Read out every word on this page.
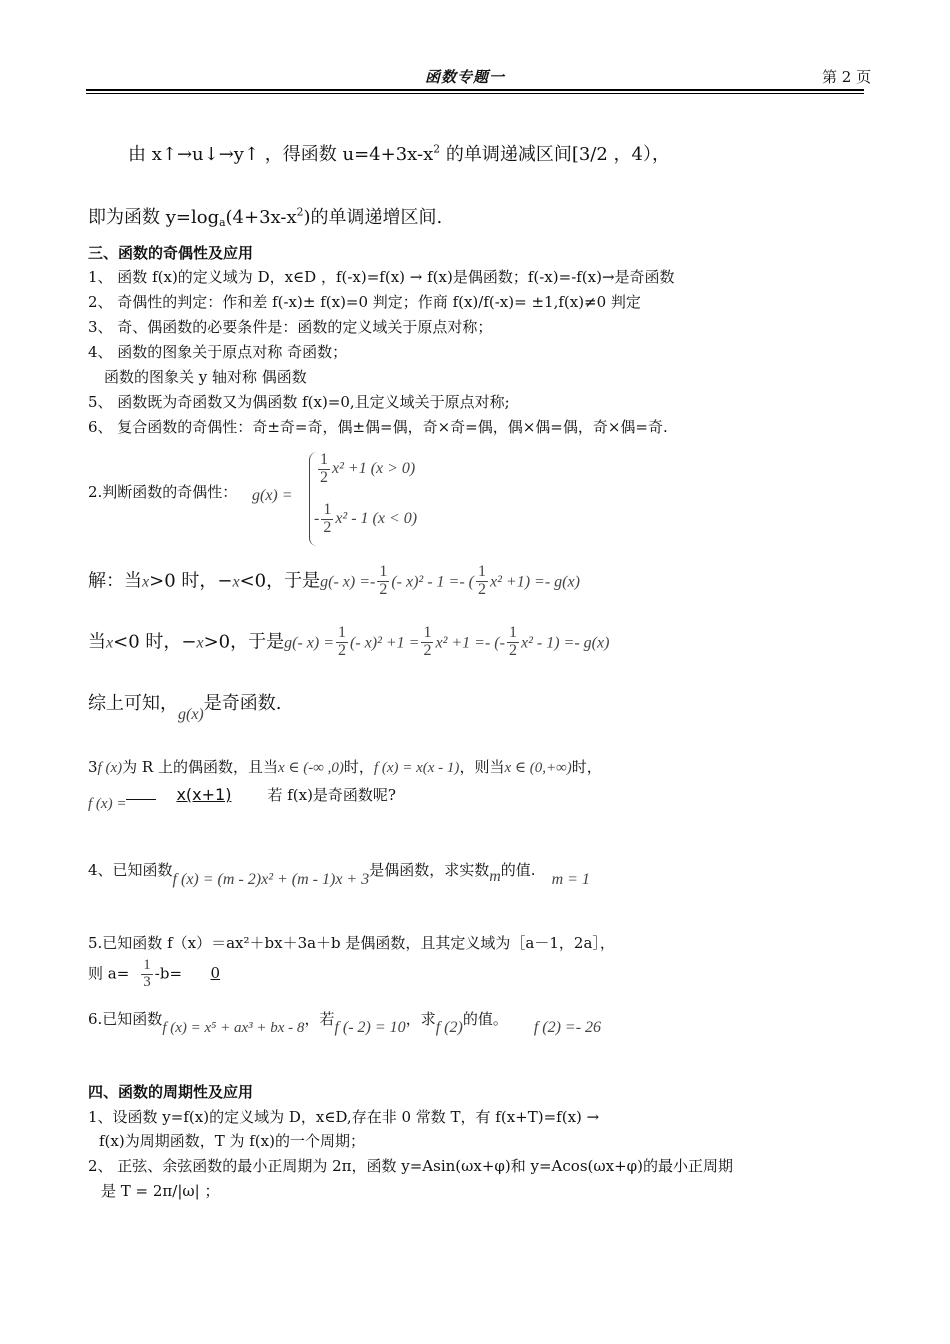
函数专题一	第 2 页
由 x↑→u↓→y↑ ，得函数 $u=4+3x-x^2$ 的单调递减区间[3/2 ，4），
即为函数 $y=\log_a(4+3x-x^2)$的单调递增区间.
三、函数的奇偶性及应用
1、 函数 f(x)的定义域为 D，x∈D ，f(-x)=f(x) → f(x)是偶函数；f(-x)=-f(x)→是奇函数
2、 奇偶性的判定：作和差 f(-x)± f(x)=0 判定；作商 f(x)/f(-x)= ±1,f(x)≠0 判定
3、 奇、偶函数的必要条件是：函数的定义域关于原点对称；
4、 函数的图象关于原点对称 奇函数；
函数的图象关 y 轴对称 偶函数
5、 函数既为奇函数又为偶函数 f(x)=0,且定义域关于原点对称;
6、 复合函数的奇偶性：奇±奇=奇，偶±偶=偶，奇×奇=偶，偶×偶=偶，奇×偶=奇.
2.判断函数的奇偶性： g(x) =
$\frac{1}{2} x^2 +1$ (x > 0)
- $\frac{1}{2} x^2 - 1$ (x < 0)
解：当x>0 时，−x<0，于是g(- $x) =- \frac{1}{2}$ (- x)² - 1 =- ( $\frac{1}{2} x^2 +1) =- g(x)$
当x<0 时，−x>0，于是g(- $x) = \frac{1}{2}$ (- $x)^2 +1 = \frac{1}{2} x^2 +1$ =- (- $\frac{1}{2} x^2 - 1) =- g(x)$
综上可知，g(x)是奇函数.
3f (x)为 R 上的偶函数，且当x ∈ (-∞ ,0)时，f (x) = x(x - 1)，则当x ∈ (0,+∞)时，
f (x) =	x(x+1) 若 f(x)是奇函数呢?
4、已知函数f (x) = (m - 2)x² + (m - 1)x + 3是偶函数，求实数m的值.m = 1
5.已知函数 f（x）＝ax²＋bx＋3a＋b 是偶函数，且其定义域为［a－1，2a］，
则 $a= \frac{1}{3} -b= 0$
6.已知函数f (x) = x⁵ + ax³ + bx - 8，若f (- 2) = 10，求f (2)的值。 f (2) =- 26
四、函数的周期性及应用
1、设函数 y=f(x)的定义域为 D，x∈D,存在非 0 常数 T，有 f(x+T)=f(x) →
f(x)为周期函数，T 为 f(x)的一个周期；
2、 正弦、余弦函数的最小正周期为 2π，函数 y=Asin(ωx+φ)和 y=Acos(ωx+φ)的最小正周期
是 T = 2π/|ω| ；
